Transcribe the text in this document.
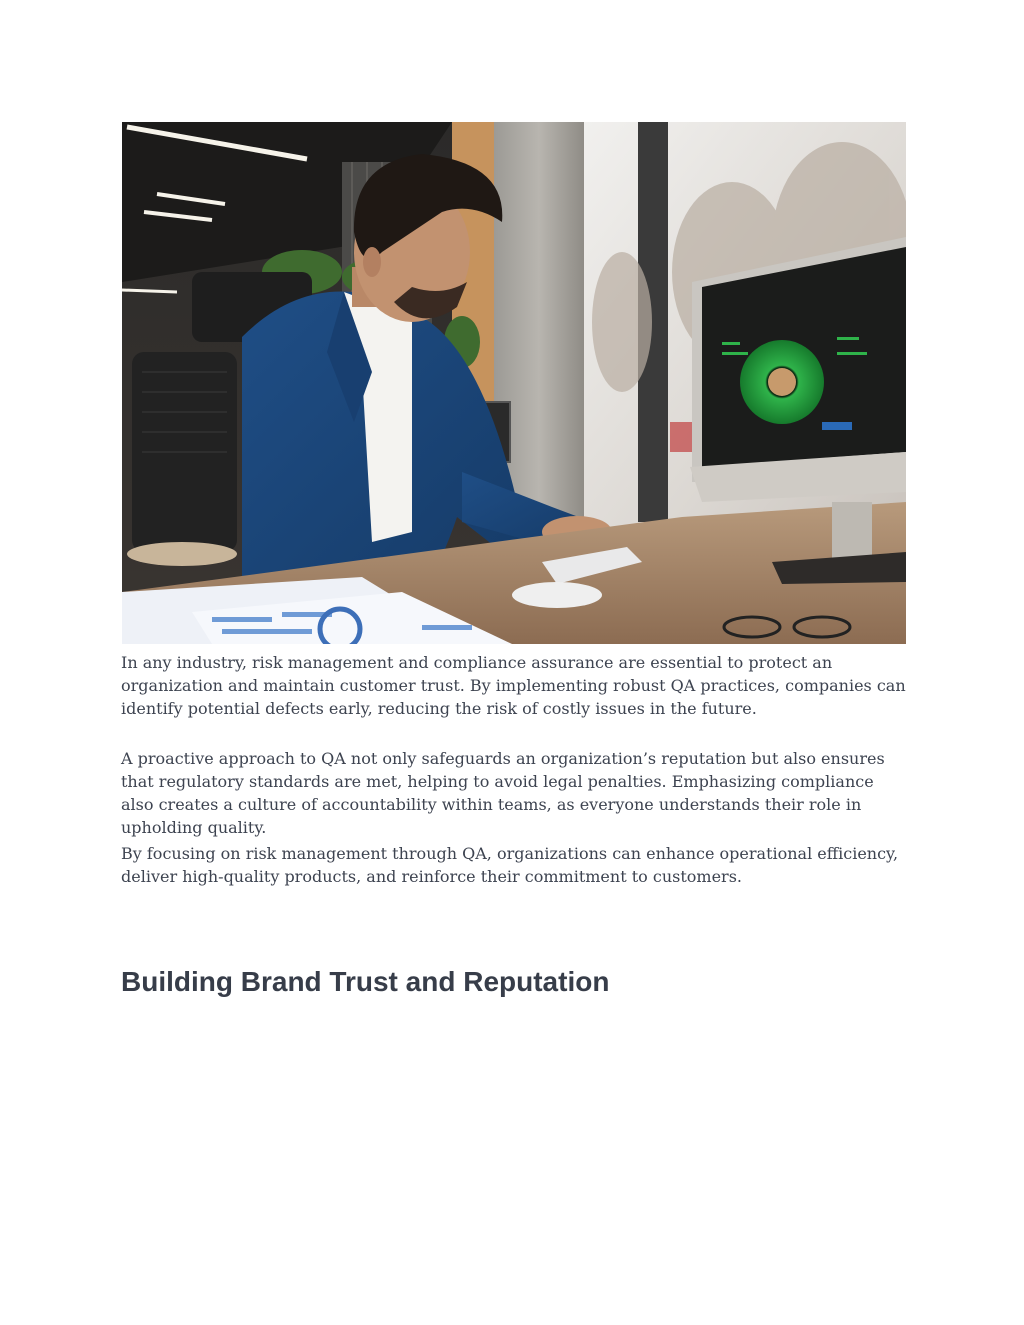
In any industry, risk management and compliance assurance are essential to protect an organization and maintain customer trust. By implementing robust QA practices, companies can identify potential defects early, reducing the risk of costly issues in the future.

A proactive approach to QA not only safeguards an organization’s reputation but also ensures that regulatory standards are met, helping to avoid legal penalties. Emphasizing compliance also creates a culture of accountability within teams, as everyone understands their role in upholding quality.

By focusing on risk management through QA, organizations can enhance operational efficiency, deliver high-quality products, and reinforce their commitment to customers.

Building Brand Trust and Reputation
